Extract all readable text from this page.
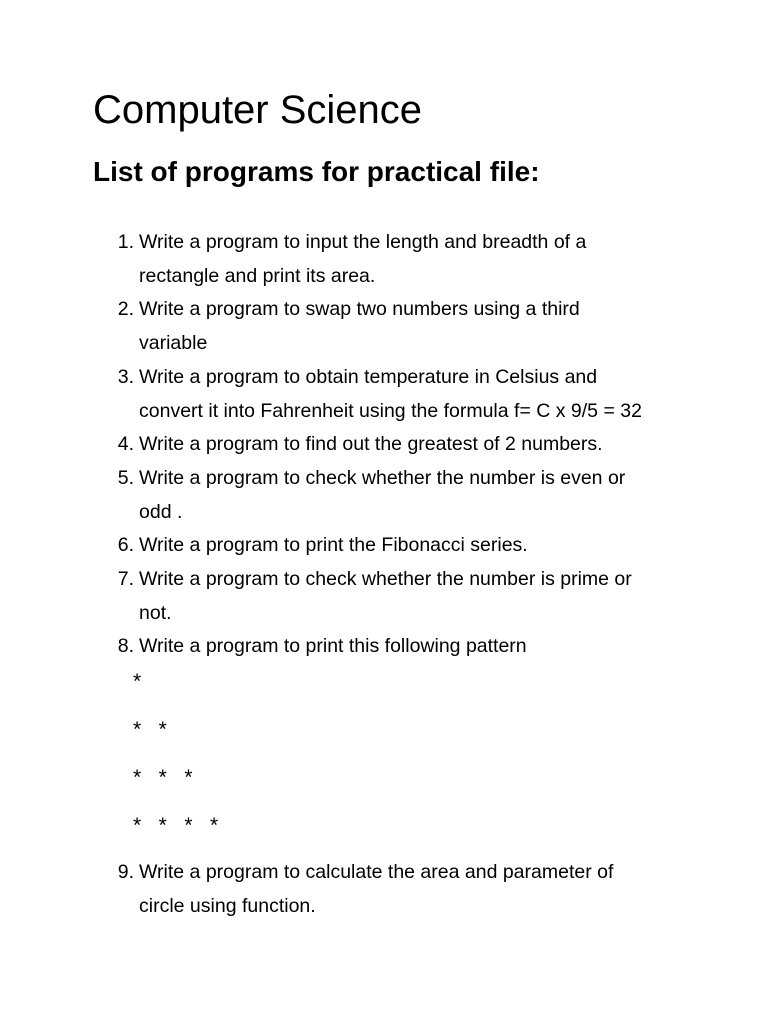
Computer Science
List of programs for practical file:
1. Write a program to input the length and breadth of a
rectangle and print its area.
2. Write a program to swap two numbers using a third
variable
3. Write a program to obtain temperature in Celsius and
convert it into Fahrenheit using the formula f= C x 9/5 = 32
4. Write a program to find out the greatest of 2 numbers.
5. Write a program to check whether the number is even or
odd .
6. Write a program to print the Fibonacci series.
7. Write a program to check whether the number is prime or
not.
8. Write a program to print this following pattern
*
*   *
*   *   *
*   *   *   *
9. Write a program to calculate the area and parameter of
circle using function.
